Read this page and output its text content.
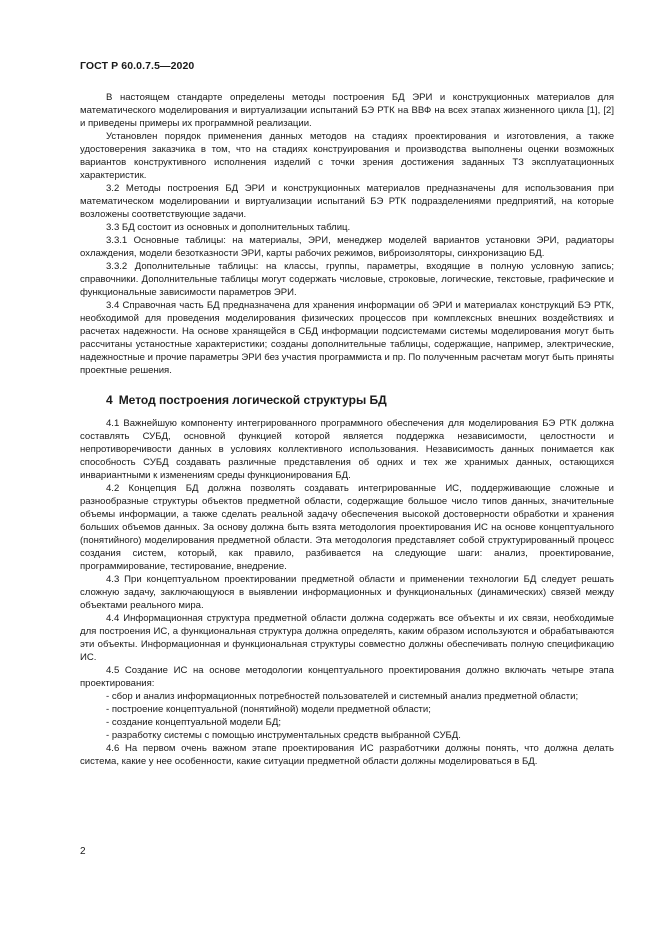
ГОСТ Р 60.0.7.5—2020

В настоящем стандарте определены методы построения БД ЭРИ и конструкционных материалов для математического моделирования и виртуализации испытаний БЭ РТК на ВВФ на всех этапах жизненного цикла [1], [2] и приведены примеры их программной реализации.

Установлен порядок применения данных методов на стадиях проектирования и изготовления, а также удостоверения заказчика в том, что на стадиях конструирования и производства выполнены оценки возможных вариантов конструктивного исполнения изделий с точки зрения достижения заданных ТЗ эксплуатационных характеристик.

3.2 Методы построения БД ЭРИ и конструкционных материалов предназначены для использования при математическом моделировании и виртуализации испытаний БЭ РТК подразделениями предприятий, на которые возложены соответствующие задачи.

3.3 БД состоит из основных и дополнительных таблиц.

3.3.1 Основные таблицы: на материалы, ЭРИ, менеджер моделей вариантов установки ЭРИ, радиаторы охлаждения, модели безотказности ЭРИ, карты рабочих режимов, виброизоляторы, синхронизацию БД.

3.3.2 Дополнительные таблицы: на классы, группы, параметры, входящие в полную условную запись; справочники. Дополнительные таблицы могут содержать числовые, строковые, логические, текстовые, графические и функциональные зависимости параметров ЭРИ.

3.4 Справочная часть БД предназначена для хранения информации об ЭРИ и материалах конструкций БЭ РТК, необходимой для проведения моделирования физических процессов при комплексных внешних воздействиях и расчетах надежности. На основе хранящейся в СБД информации подсистемами системы моделирования могут быть рассчитаны устаностные характеристики; созданы дополнительные таблицы, содержащие, например, электрические, надежностные и прочие параметры ЭРИ без участия программиста и пр. По полученным расчетам могут быть приняты проектные решения.

4 Метод построения логической структуры БД

4.1 Важнейшую компоненту интегрированного программного обеспечения для моделирования БЭ РТК должна составлять СУБД, основной функцией которой является поддержка независимости, целостности и непротиворечивости данных в условиях коллективного использования. Независимость данных понимается как способность СУБД создавать различные представления об одних и тех же хранимых данных, остающихся инвариантными к изменениям среды функционирования БД.

4.2 Концепция БД должна позволять создавать интегрированные ИС, поддерживающие сложные и разнообразные структуры объектов предметной области, содержащие большое число типов данных, значительные объемы информации, а также сделать реальной задачу обеспечения высокой достоверности обработки и хранения больших объемов данных. За основу должна быть взята методология проектирования ИС на основе концептуального (понятийного) моделирования предметной области. Эта методология представляет собой структурированный процесс создания систем, который, как правило, разбивается на следующие шаги: анализ, проектирование, программирование, тестирование, внедрение.

4.3 При концептуальном проектировании предметной области и применении технологии БД следует решать сложную задачу, заключающуюся в выявлении информационных и функциональных (динамических) связей между объектами реального мира.

4.4 Информационная структура предметной области должна содержать все объекты и их связи, необходимые для построения ИС, а функциональная структура должна определять, каким образом используются и обрабатываются эти объекты. Информационная и функциональная структуры совместно должны обеспечивать полную спецификацию ИС.

4.5 Создание ИС на основе методологии концептуального проектирования должно включать четыре этапа проектирования:

- сбор и анализ информационных потребностей пользователей и системный анализ предметной области;

- построение концептуальной (понятийной) модели предметной области;

- создание концептуальной модели БД;

- разработку системы с помощью инструментальных средств выбранной СУБД.

4.6 На первом очень важном этапе проектирования ИС разработчики должны понять, что должна делать система, какие у нее особенности, какие ситуации предметной области должны моделироваться в БД.

2
